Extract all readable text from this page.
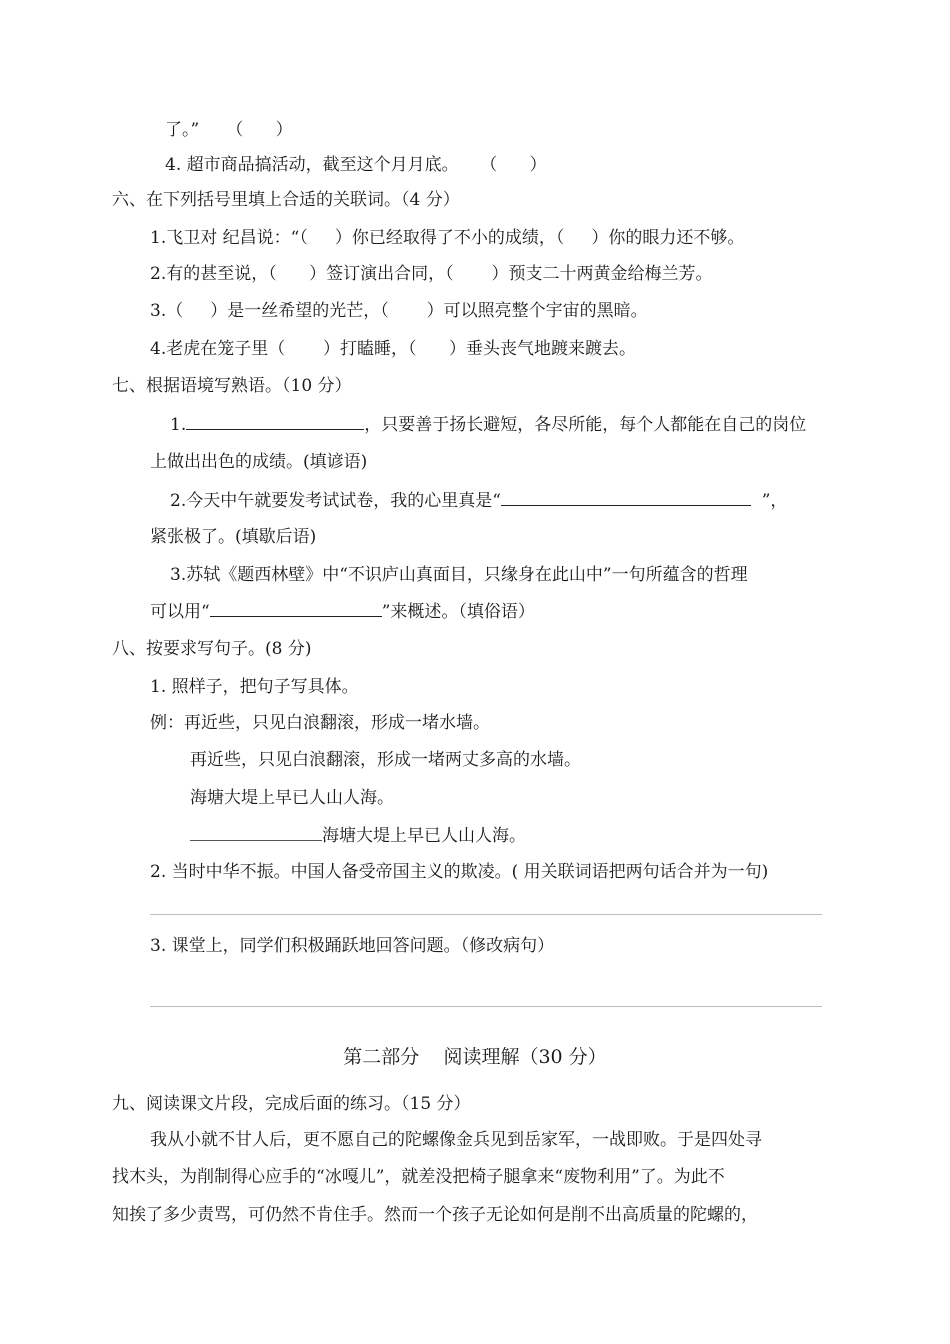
了。”     （      ）
4. 超市商品搞活动，截至这个月月底。    （      ）
六、在下列括号里填上合适的关联词。（4 分）
1.飞卫对 纪昌说：“（     ）你已经取得了不小的成绩，（     ）你的眼力还不够。
2.有的甚至说，（      ）签订演出合同，（       ）预支二十两黄金给梅兰芳。
3.（     ）是一丝希望的光芒，（       ）可以照亮整个宇宙的黑暗。
4.老虎在笼子里（       ）打瞌睡，（      ）垂头丧气地踱来踱去。
七、根据语境写熟语。（10 分）
1.	，只要善于扬长避短，各尽所能，每个人都能在自己的岗位
上做出出色的成绩。(填谚语)
2.今天中午就要发考试试卷，我的心里真是“	”，
紧张极了。(填歇后语)
3.苏轼《题西林壁》中“不识庐山真面目，只缘身在此山中”一句所蕴含的哲理
可以用“	”来概述。（填俗语）
八、按要求写句子。(8 分)
1. 照样子，把句子写具体。
例：再近些，只见白浪翻滚，形成一堵水墙。
再近些，只见白浪翻滚，形成一堵两丈多高的水墙。
海塘大堤上早已人山人海。
海塘大堤上早已人山人海。
2. 当时中华不振。中国人备受帝国主义的欺凌。( 用关联词语把两句话合并为一句)
3. 课堂上，同学们积极踊跃地回答问题。（修改病句）
第二部分    阅读理解（30 分）
九、阅读课文片段，完成后面的练习。（15 分）
我从小就不甘人后，更不愿自己的陀螺像金兵见到岳家军，一战即败。于是四处寻
找木头，为削制得心应手的“冰嘎儿”，就差没把椅子腿拿来“废物利用”了。为此不
知挨了多少责骂，可仍然不肯住手。然而一个孩子无论如何是削不出高质量的陀螺的，
